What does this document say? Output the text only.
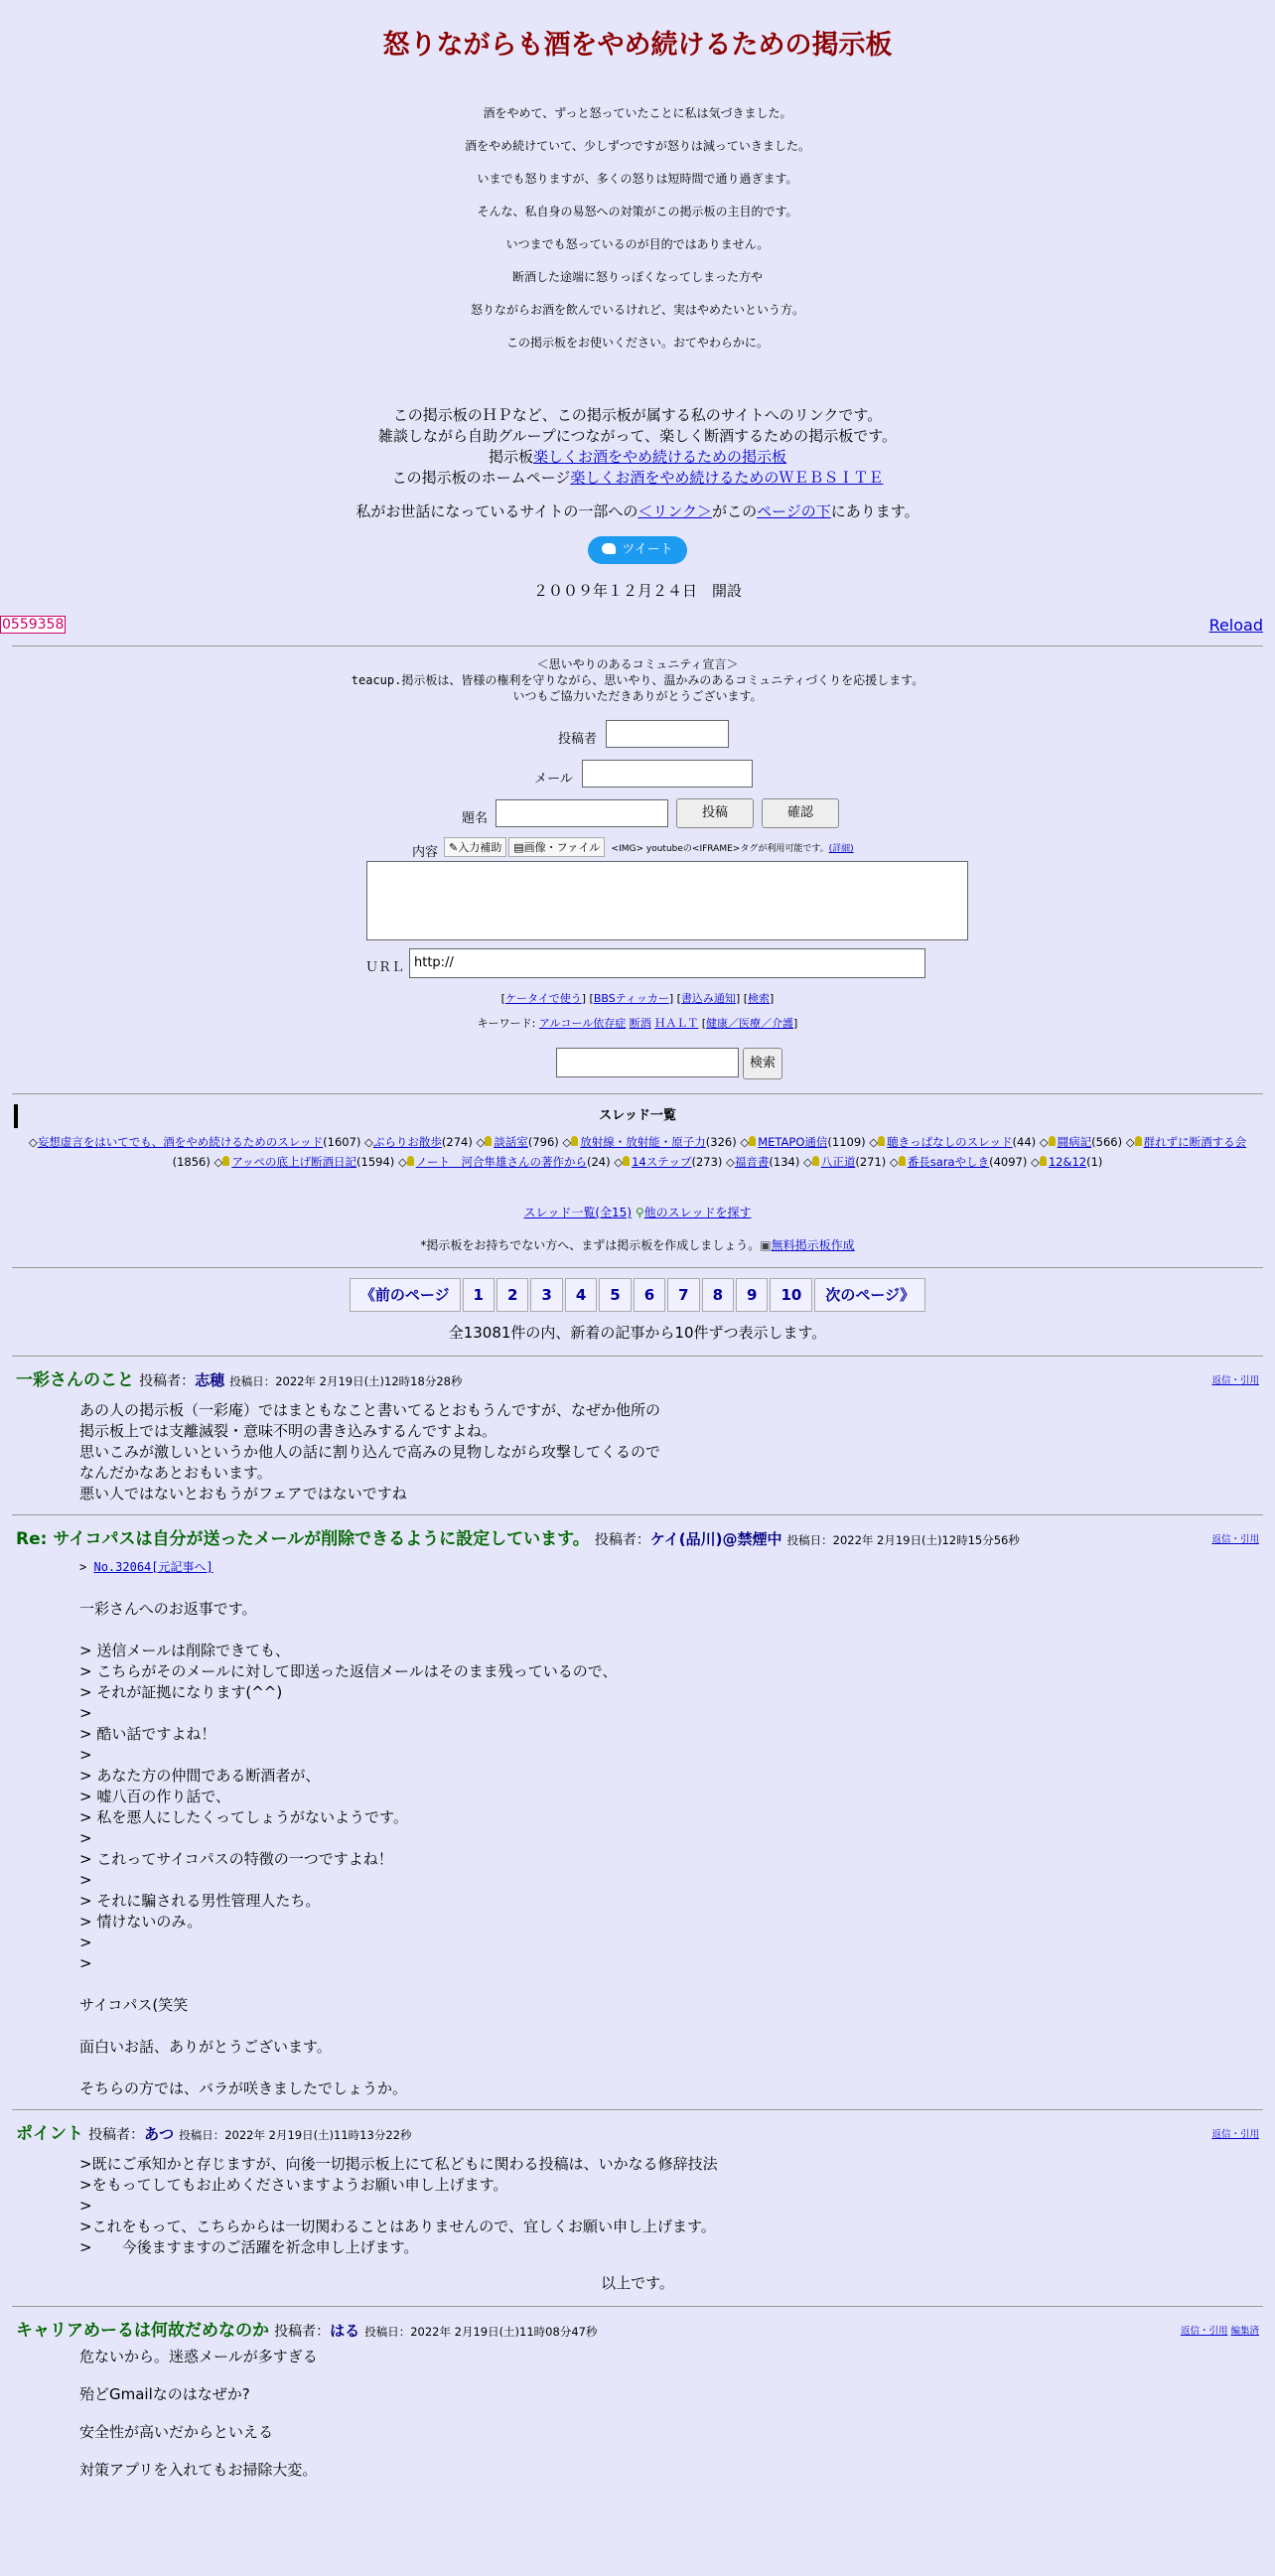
怒りながらも酒をやめ続けるための掲示板

酒をやめて、ずっと怒っていたことに私は気づきました。

酒をやめ続けていて、少しずつですが怒りは減っていきました。

いまでも怒りますが、多くの怒りは短時間で通り過ぎます。

そんな、私自身の易怒への対策がこの掲示板の主目的です。

いつまでも怒っているのが目的ではありません。

断酒した途端に怒りっぽくなってしまった方や

怒りながらお酒を飲んでいるけれど、実はやめたいという方。

この掲示板をお使いください。おてやわらかに。

この掲示板のＨＰなど、この掲示板が属する私のサイトへのリンクです。
雑談しながら自助グループにつながって、楽しく断酒するための掲示板です。
掲示板楽しくお酒をやめ続けるための掲示板
この掲示板のホームページ楽しくお酒をやめ続けるためのＷＥＢＳＩＴＥ
私がお世話になっているサイトの一部への＜リンク＞がこのページの下にあります。
ツイート
２００９年１２月２４日　開設
0559358	Reload
＜思いやりのあるコミュニティ宣言＞
teacup.掲示板は、皆様の権利を守りながら、思いやり、温かみのあるコミュニティづくりを応援します。
いつもご協力いただきありがとうございます。
投稿者
メール
題名	投稿	確認
内容 ✎入力補助 ▤画像・ファイル <IMG> youtubeの<IFRAME>タグが利用可能です。(詳細)
ＵＲＬ http://
[ケータイで使う] [BBSティッカー] [書込み通知] [検索]
キーワード: アルコール依存症 断酒 ＨＡＬＴ [健康／医療／介護]
検索
スレッド一覧
◇妄想虚言をはいてでも、酒をやめ続けるためのスレッド(1607) ◇ぶらりお散歩(274) ◇ 談話室(796) ◇ 放射線・放射能・原子力(326) ◇ METAPO通信(1109) ◇ 聴きっぱなしのスレッド(44) ◇ 闘病記(566) ◇ 群れずに断酒する会(1856) ◇ アッペの底上げ断酒日記(1594) ◇ ノート　河合隼雄さんの著作から(24) ◇ 14ステップ(273) ◇福音書(134) ◇ 八正道(271) ◇ 番長saraやしき(4097) ◇ 12&12(1)
スレッド一覧(全15) ⚲他のスレッドを探す
*掲示板をお持ちでない方へ、まずは掲示板を作成しましょう。▣無料掲示板作成
《前のページ 1 2 3 4 5 6 7 8 9 10 次のページ》
全13081件の内、新着の記事から10件ずつ表示します。
一彩さんのこと 投稿者：志穂 投稿日：2022年 2月19日(土)12時18分28秒	返信・引用
あの人の掲示板（一彩庵）ではまともなこと書いてるとおもうんですが、なぜか他所の
掲示板上では支離滅裂・意味不明の書き込みするんですよね。
思いこみが激しいというか他人の話に割り込んで高みの見物しながら攻撃してくるので
なんだかなあとおもいます。
悪い人ではないとおもうがフェアではないですね
Re: サイコパスは自分が送ったメールが削除できるように設定しています。 投稿者：ケイ(品川)@禁煙中 投稿日：2022年 2月19日(土)12時15分56秒	返信・引用
> No.32064[元記事へ]
一彩さんへのお返事です。
> 送信メールは削除できても、
> こちらがそのメールに対して即送った返信メールはそのまま残っているので、
> それが証拠になります(^^)
>
> 酷い話ですよね！
>
> あなた方の仲間である断酒者が、
> 嘘八百の作り話で、
> 私を悪人にしたくってしょうがないようです。
>
> これってサイコパスの特徴の一つですよね！
>
> それに騙される男性管理人たち。
> 情けないのみ。
>
>
サイコパス(笑笑
面白いお話、ありがとうございます。
そちらの方では、バラが咲きましたでしょうか。
ポイント 投稿者：あつ 投稿日：2022年 2月19日(土)11時13分22秒	返信・引用
>既にご承知かと存じますが、向後一切掲示板上にて私どもに関わる投稿は、いかなる修辞技法
>をもってしてもお止めくださいますようお願い申し上げます。
>
>これをもって、こちらからは一切関わることはありませんので、宜しくお願い申し上げます。
>　　今後ますますのご活躍を祈念申し上げます。
以上です。
キャリアめーるは何故だめなのか 投稿者：はる 投稿日：2022年 2月19日(土)11時08分47秒	返信・引用 編集済
危ないから。迷惑メールが多すぎる
殆どGmailなのはなぜか?
安全性が高いだからといえる
対策アプリを入れてもお掃除大変。
